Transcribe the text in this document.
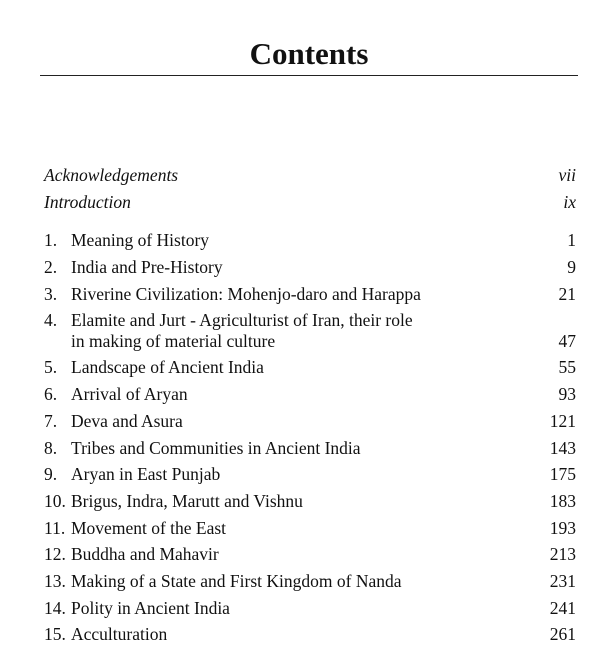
Contents
Acknowledgements	vii
Introduction	ix
1. Meaning of History	1
2. India and Pre-History	9
3. Riverine Civilization: Mohenjo-daro and Harappa	21
4. Elamite and Jurt - Agriculturist of Iran, their role
in making of material culture	47
5. Landscape of Ancient India	55
6. Arrival of Aryan	93
7. Deva and Asura	121
8. Tribes and Communities in Ancient India	143
9. Aryan in East Punjab	175
10. Brigus, Indra, Marutt and Vishnu	183
11. Movement of the East	193
12. Buddha and Mahavir	213
13. Making of a State and First Kingdom of Nanda	231
14. Polity in Ancient India	241
15. Acculturation	261
